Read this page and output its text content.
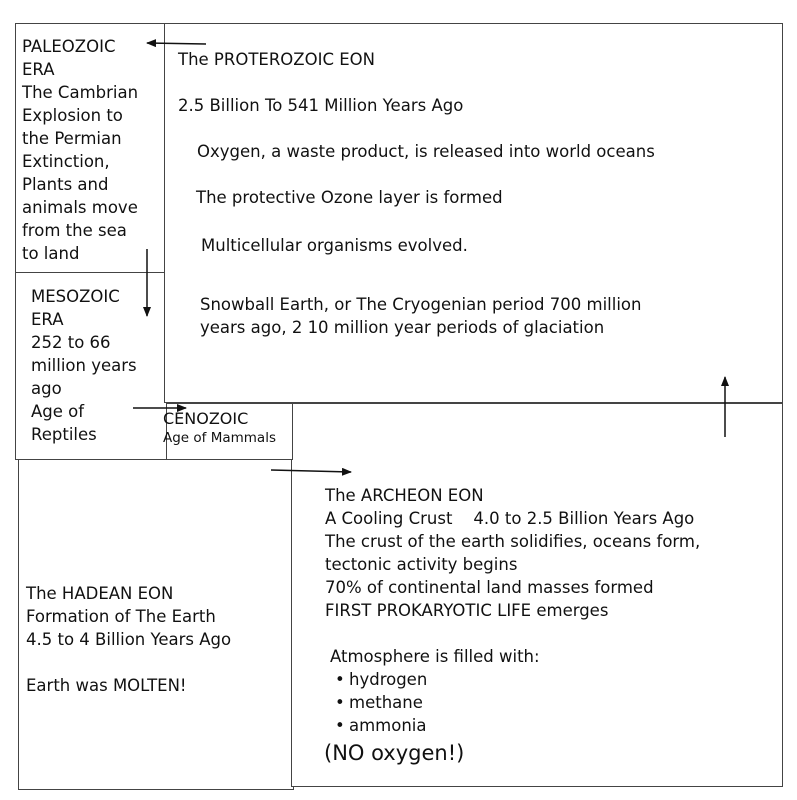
PALEOZOIC
ERA
The Cambrian
Explosion to
the Permian
Extinction,
Plants and
animals move
from the sea
to land
The PROTEROZOIC EON
2.5 Billion To 541 Million Years Ago
Oxygen, a waste product, is released into world oceans
The protective Ozone layer is formed
Multicellular organisms evolved.
Snowball Earth, or The Cryogenian period 700 million
years ago, 2 10 million year periods of glaciation
MESOZOIC
ERA
252 to 66
million years
ago
Age of
Reptiles
CENOZOIC
Age of Mammals
The HADEAN EON
Formation of The Earth
4.5 to 4 Billion Years Ago
Earth was MOLTEN!
The ARCHEON EON
A Cooling Crust    4.0 to 2.5 Billion Years Ago
The crust of the earth solidifies, oceans form,
tectonic activity begins
70% of continental land masses formed
FIRST PROKARYOTIC LIFE emerges
Atmosphere is filled with:
• hydrogen
• methane
• ammonia
(NO oxygen!)
